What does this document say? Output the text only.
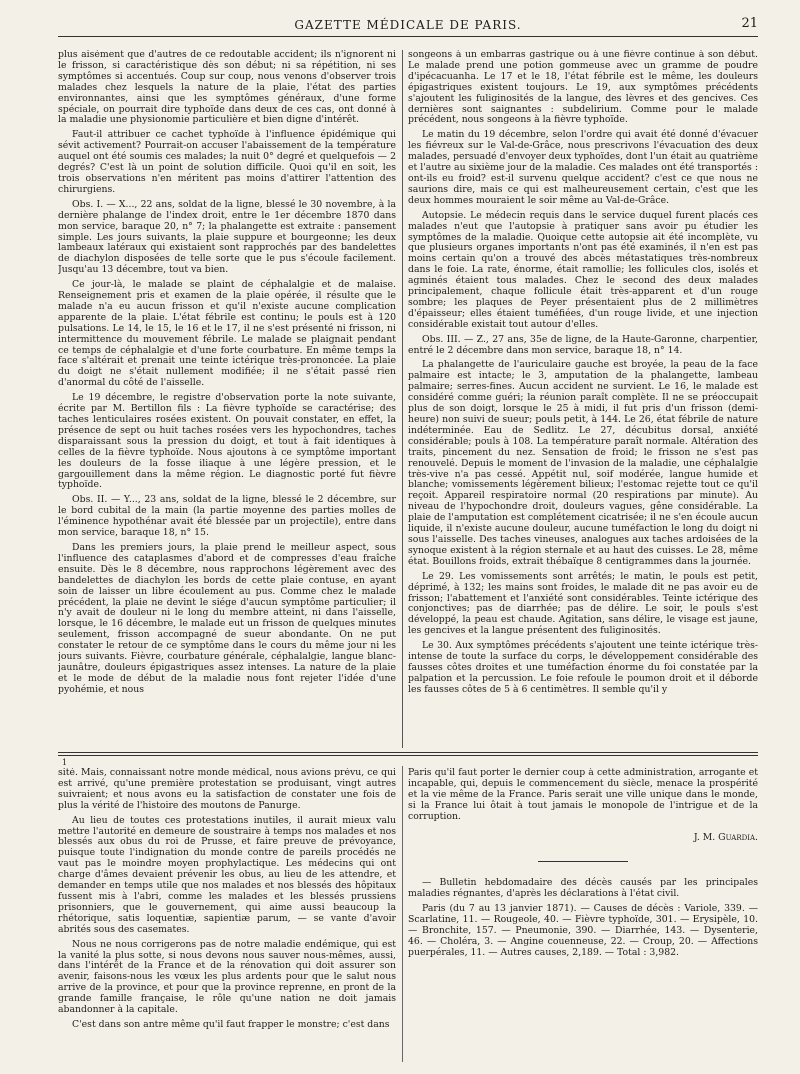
GAZETTE MÉDICALE DE PARIS.	21

plus aisément que d'autres de ce redoutable accident; ils n'ignorent ni le frisson, si caractéristique dès son début; ni sa répétition, ni ses symptômes si accentués. Coup sur coup, nous venons d'observer trois malades chez lesquels la nature de la plaie, l'état des parties environnantes, ainsi que les symptômes généraux, d'une forme spéciale, on pourrait dire typhoïde dans deux de ces cas, ont donné à la maladie une physionomie particulière et bien digne d'intérêt.

Faut-il attribuer ce cachet typhoïde à l'influence épidémique qui sévit activement? Pourrait-on accuser l'abaissement de la température auquel ont été soumis ces malades; la nuit 0° degré et quelquefois — 2 degrés? C'est là un point de solution difficile. Quoi qu'il en soit, les trois observations n'en méritent pas moins d'attirer l'attention des chirurgiens.

Obs. I. — X..., 22 ans, soldat de la ligne, blessé le 30 novembre, à la dernière phalange de l'index droit, entre le 1er décembre 1870 dans mon service, baraque 20, n° 7; la phalangette est extraite : pansement simple. Les jours suivants, la plaie suppure et bourgeonne; les deux lambeaux latéraux qui existaient sont rapprochés par des bandelettes de diachylon disposées de telle sorte que le pus s'écoule facilement. Jusqu'au 13 décembre, tout va bien.

Ce jour-là, le malade se plaint de céphalalgie et de malaise. Renseignement pris et examen de la plaie opérée, il résulte que le malade n'a eu aucun frisson et qu'il n'existe aucune complication apparente de la plaie. L'état fébrile est continu; le pouls est à 120 pulsations. Le 14, le 15, le 16 et le 17, il ne s'est présenté ni frisson, ni intermittence du mouvement fébrile. Le malade se plaignait pendant ce temps de céphalalgie et d'une forte courbature. En même temps la face s'altérait et prenait une teinte ictérique très-prononcée. La plaie du doigt ne s'était nullement modifiée; il ne s'était passé rien d'anormal du côté de l'aisselle.

Le 19 décembre, le registre d'observation porte la note suivante, écrite par M. Bertillon fils : La fièvre typhoïde se caractérise; des taches lenticulaires rosées existent. On pouvait constater, en effet, la présence de sept ou huit taches rosées vers les hypochondres, taches disparaissant sous la pression du doigt, et tout à fait identiques à celles de la fièvre typhoïde. Nous ajoutons à ce symptôme important les douleurs de la fosse iliaque à une légère pression, et le gargouillement dans la même région. Le diagnostic porté fut fièvre typhoïde.

Obs. II. — Y..., 23 ans, soldat de la ligne, blessé le 2 décembre, sur le bord cubital de la main (la partie moyenne des parties molles de l'éminence hypothénar avait été blessée par un projectile), entre dans mon service, baraque 18, n° 15.

Dans les premiers jours, la plaie prend le meilleur aspect, sous l'influence des cataplasmes d'abord et de compresses d'eau fraîche ensuite. Dès le 8 décembre, nous rapprochons légèrement avec des bandelettes de diachylon les bords de cette plaie contuse, en ayant soin de laisser un libre écoulement au pus. Comme chez le malade précédent, la plaie ne devint le siége d'aucun symptôme particulier; il n'y avait de douleur ni le long du membre atteint, ni dans l'aisselle, lorsque, le 16 décembre, le malade eut un frisson de quelques minutes seulement, frisson accompagné de sueur abondante. On ne put constater le retour de ce symptôme dans le cours du même jour ni les jours suivants. Fièvre, courbature générale, céphalalgie, langue blanc-jaunâtre, douleurs épigastriques assez intenses. La nature de la plaie et le mode de début de la maladie nous font rejeter l'idée d'une pyohémie, et nous

songeons à un embarras gastrique ou à une fièvre continue à son début. Le malade prend une potion gommeuse avec un gramme de poudre d'ipécacuanha. Le 17 et le 18, l'état fébrile est le même, les douleurs épigastriques existent toujours. Le 19, aux symptômes précédents s'ajoutent les fuliginosités de la langue, des lèvres et des gencives. Ces dernières sont saignantes : subdelirium. Comme pour le malade précédent, nous songeons à la fièvre typhoïde.

Le matin du 19 décembre, selon l'ordre qui avait été donné d'évacuer les fiévreux sur le Val-de-Grâce, nous prescrivons l'évacuation des deux malades, persuadé d'envoyer deux typhoïdes, dont l'un était au quatrième et l'autre au sixième jour de la maladie. Ces malades ont été transportés : ont-ils eu froid? est-il survenu quelque accident? c'est ce que nous ne saurions dire, mais ce qui est malheureusement certain, c'est que les deux hommes mouraient le soir même au Val-de-Grâce.

Autopsie. Le médecin requis dans le service duquel furent placés ces malades n'eut que l'autopsie à pratiquer sans avoir pu étudier les symptômes de la maladie. Quoique cette autopsie ait été incomplète, vu que plusieurs organes importants n'ont pas été examinés, il n'en est pas moins certain qu'on a trouvé des abcès métastatiques très-nombreux dans le foie. La rate, énorme, était ramollie; les follicules clos, isolés et agminés étaient tous malades. Chez le second des deux malades principalement, chaque follicule était très-apparent et d'un rouge sombre; les plaques de Peyer présentaient plus de 2 millimètres d'épaisseur; elles étaient tuméfiées, d'un rouge livide, et une injection considérable existait tout autour d'elles.

Obs. III. — Z., 27 ans, 35e de ligne, de la Haute-Garonne, charpentier, entré le 2 décembre dans mon service, baraque 18, n° 14.

La phalangette de l'auriculaire gauche est broyée, la peau de la face palmaire est intacte; le 3, amputation de la phalangette, lambeau palmaire; serres-fines. Aucun accident ne survient. Le 16, le malade est considéré comme guéri; la réunion paraît complète. Il ne se préoccupait plus de son doigt, lorsque le 25 à midi, il fut pris d'un frisson (demi-heure) non suivi de sueur; pouls petit, à 144. Le 26, état fébrile de nature indéterminée. Eau de Sedlitz. Le 27, décubitus dorsal, anxiété considérable; pouls à 108. La température paraît normale. Altération des traits, pincement du nez. Sensation de froid; le frisson ne s'est pas renouvelé. Depuis le moment de l'invasion de la maladie, une céphalalgie très-vive n'a pas cessé. Appétit nul, soif modérée, langue humide et blanche; vomissements légèrement bilieux; l'estomac rejette tout ce qu'il reçoit. Appareil respiratoire normal (20 respirations par minute). Au niveau de l'hypochondre droit, douleurs vagues, gêne considérable. La plaie de l'amputation est complétement cicatrisée; il ne s'en écoule aucun liquide, il n'existe aucune douleur, aucune tuméfaction le long du doigt ni sous l'aisselle. Des taches vineuses, analogues aux taches ardoisées de la synoque existent à la région sternale et au haut des cuisses. Le 28, même état. Bouillons froids, extrait thébaïque 8 centigrammes dans la journée.

Le 29. Les vomissements sont arrêtés; le matin, le pouls est petit, déprimé, à 132; les mains sont froides, le malade dit ne pas avoir eu de frisson; l'abattement et l'anxiété sont considérables. Teinte ictérique des conjonctives; pas de diarrhée; pas de délire. Le soir, le pouls s'est développé, la peau est chaude. Agitation, sans délire, le visage est jaune, les gencives et la langue présentent des fuliginosités.

Le 30. Aux symptômes précédents s'ajoutent une teinte ictérique très-intense de toute la surface du corps, le développement considérable des fausses côtes droites et une tuméfaction énorme du foi constatée par la palpation et la percussion. Le foie refoule le poumon droit et il déborde les fausses côtes de 5 à 6 centimètres. Il semble qu'il y

1

sité. Mais, connaissant notre monde médical, nous avions prévu, ce qui est arrivé, qu'une première protestation se produisant, vingt autres suivraient; et nous avons eu la satisfaction de constater une fois de plus la vérité de l'histoire des moutons de Panurge.

Au lieu de toutes ces protestations inutiles, il aurait mieux valu mettre l'autorité en demeure de soustraire à temps nos malades et nos blessés aux obus du roi de Prusse, et faire preuve de prévoyance, puisque toute l'indignation du monde contre de pareils procédés ne vaut pas le moindre moyen prophylactique. Les médecins qui ont charge d'âmes devaient prévenir les obus, au lieu de les attendre, et demander en temps utile que nos malades et nos blessés des hôpitaux fussent mis à l'abri, comme les malades et les blessés prussiens prisonniers, que le gouvernement, qui aime aussi beaucoup la rhétorique, satis loquentiæ, sapientiæ parum, — se vante d'avoir abrités sous des casemates.

Nous ne nous corrigerons pas de notre maladie endémique, qui est la vanité la plus sotte, si nous devons nous sauver nous-mêmes, aussi, dans l'intérêt de la France et de la rénovation qui doit assurer son avenir, faisons-nous les vœux les plus ardents pour que le salut nous arrive de la province, et pour que la province reprenne, en pront de la grande famille française, le rôle qu'une nation ne doit jamais abandonner à la capitale.

C'est dans son antre même qu'il faut frapper le monstre; c'est dans

Paris qu'il faut porter le dernier coup à cette administration, arrogante et incapable, qui, depuis le commencement du siècle, menace la prospérité et la vie même de la France. Paris serait une ville unique dans le monde, si la France lui ôtait à tout jamais le monopole de l'intrigue et de la corruption.

J. M. Guardia.

— Bulletin hebdomadaire des décès causés par les principales maladies régnantes, d'après les déclarations à l'état civil.

Paris (du 7 au 13 janvier 1871). — Causes de décès : Variole, 339. — Scarlatine, 11. — Rougeole, 40. — Fièvre typhoïde, 301. — Erysipèle, 10. — Bronchite, 157. — Pneumonie, 390. — Diarrhée, 143. — Dysenterie, 46. — Choléra, 3. — Angine couenneuse, 22. — Croup, 20. — Affections puerpérales, 11. — Autres causes, 2,189. — Total : 3,982.
